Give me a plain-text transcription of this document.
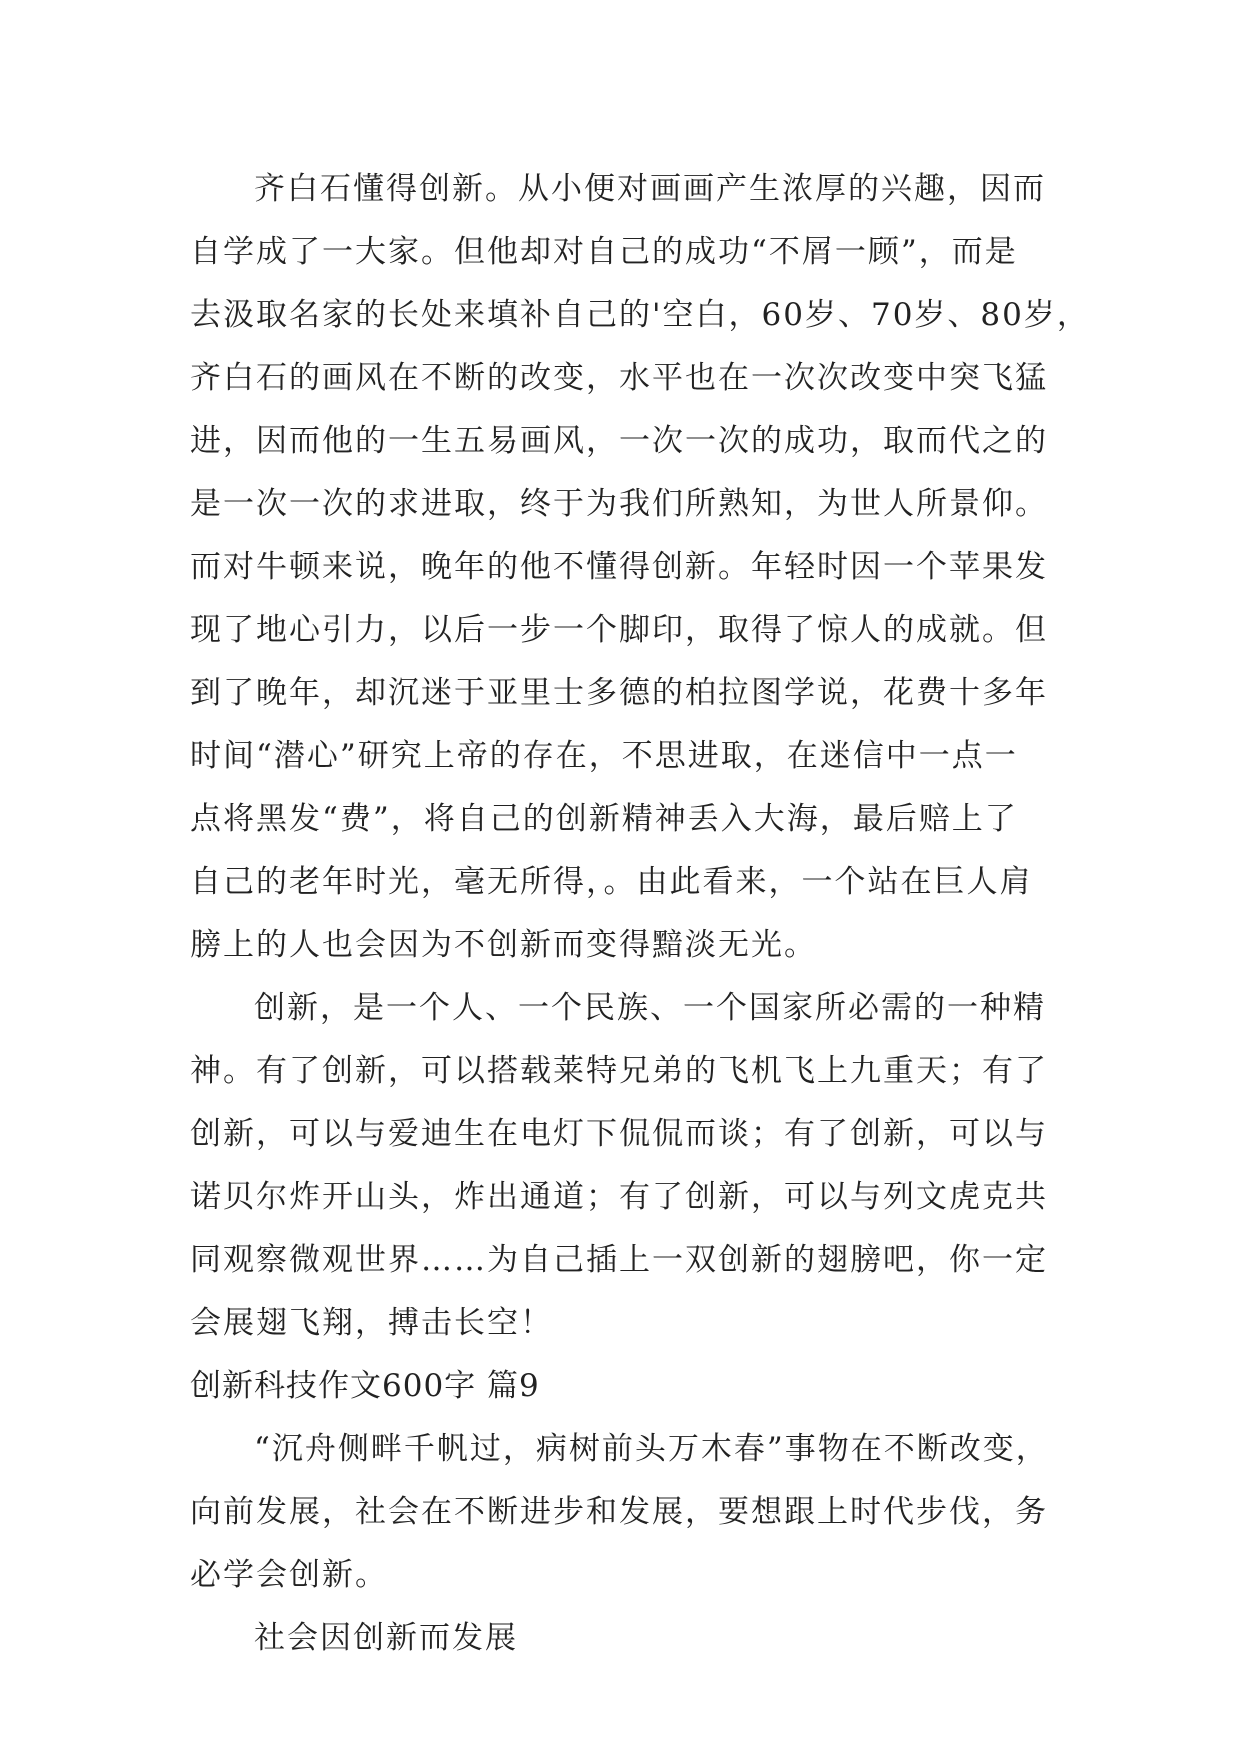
齐白石懂得创新。从小便对画画产生浓厚的兴趣，因而
自学成了一大家。但他却对自己的成功“不屑一顾”，而是
去汲取名家的长处来填补自己的'空白，60岁、70岁、80岁，
齐白石的画风在不断的改变，水平也在一次次改变中突飞猛
进，因而他的一生五易画风，一次一次的成功，取而代之的
是一次一次的求进取，终于为我们所熟知，为世人所景仰。
而对牛顿来说，晚年的他不懂得创新。年轻时因一个苹果发
现了地心引力，以后一步一个脚印，取得了惊人的成就。但
到了晚年，却沉迷于亚里士多德的柏拉图学说，花费十多年
时间“潜心”研究上帝的存在，不思进取，在迷信中一点一
点将黑发“费”，将自己的创新精神丢入大海，最后赔上了
自己的老年时光，毫无所得，。由此看来，一个站在巨人肩
膀上的人也会因为不创新而变得黯淡无光。
创新，是一个人、一个民族、一个国家所必需的一种精
神。有了创新，可以搭载莱特兄弟的飞机飞上九重天；有了
创新，可以与爱迪生在电灯下侃侃而谈；有了创新，可以与
诺贝尔炸开山头，炸出通道；有了创新，可以与列文虎克共
同观察微观世界……为自己插上一双创新的翅膀吧，你一定
会展翅飞翔，搏击长空！
创新科技作文600字 篇9
“沉舟侧畔千帆过，病树前头万木春”事物在不断改变，
向前发展，社会在不断进步和发展，要想跟上时代步伐，务
必学会创新。
社会因创新而发展
